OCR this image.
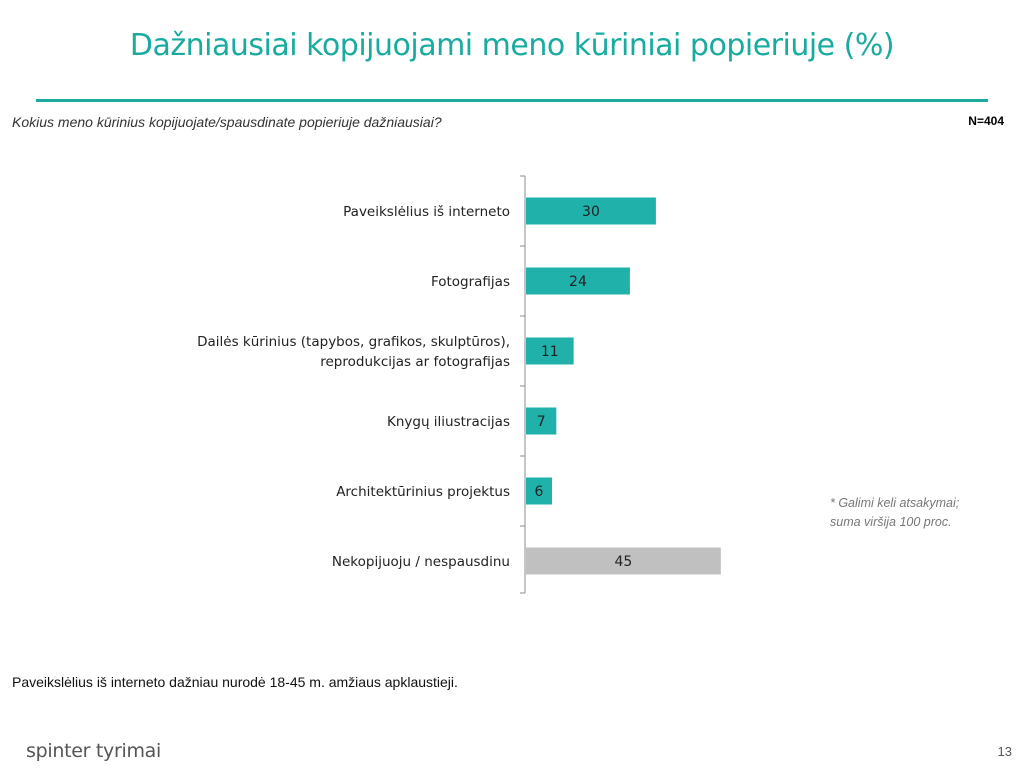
Dažniausiai kopijuojami meno kūriniai popieriuje (%)
Kokius meno kūrinius kopijuojate/spausdinate popieriuje dažniausiai?	N=404
30
Paveikslėlius iš interneto
24
Fotografijas
11
Dailės kūrinius (tapybos, grafikos, skulptūros),
reprodukcijas ar fotografijas
7
Knygų iliustracijas
6
Architektūrinius projektus
45
Nekopijuoju / nespausdinu
* Galimi keli atsakymai;
suma viršija 100 proc.
Paveikslėlius iš interneto dažniau nurodė 18-45 m. amžiaus apklaustieji.
spinter tyrimai	13
